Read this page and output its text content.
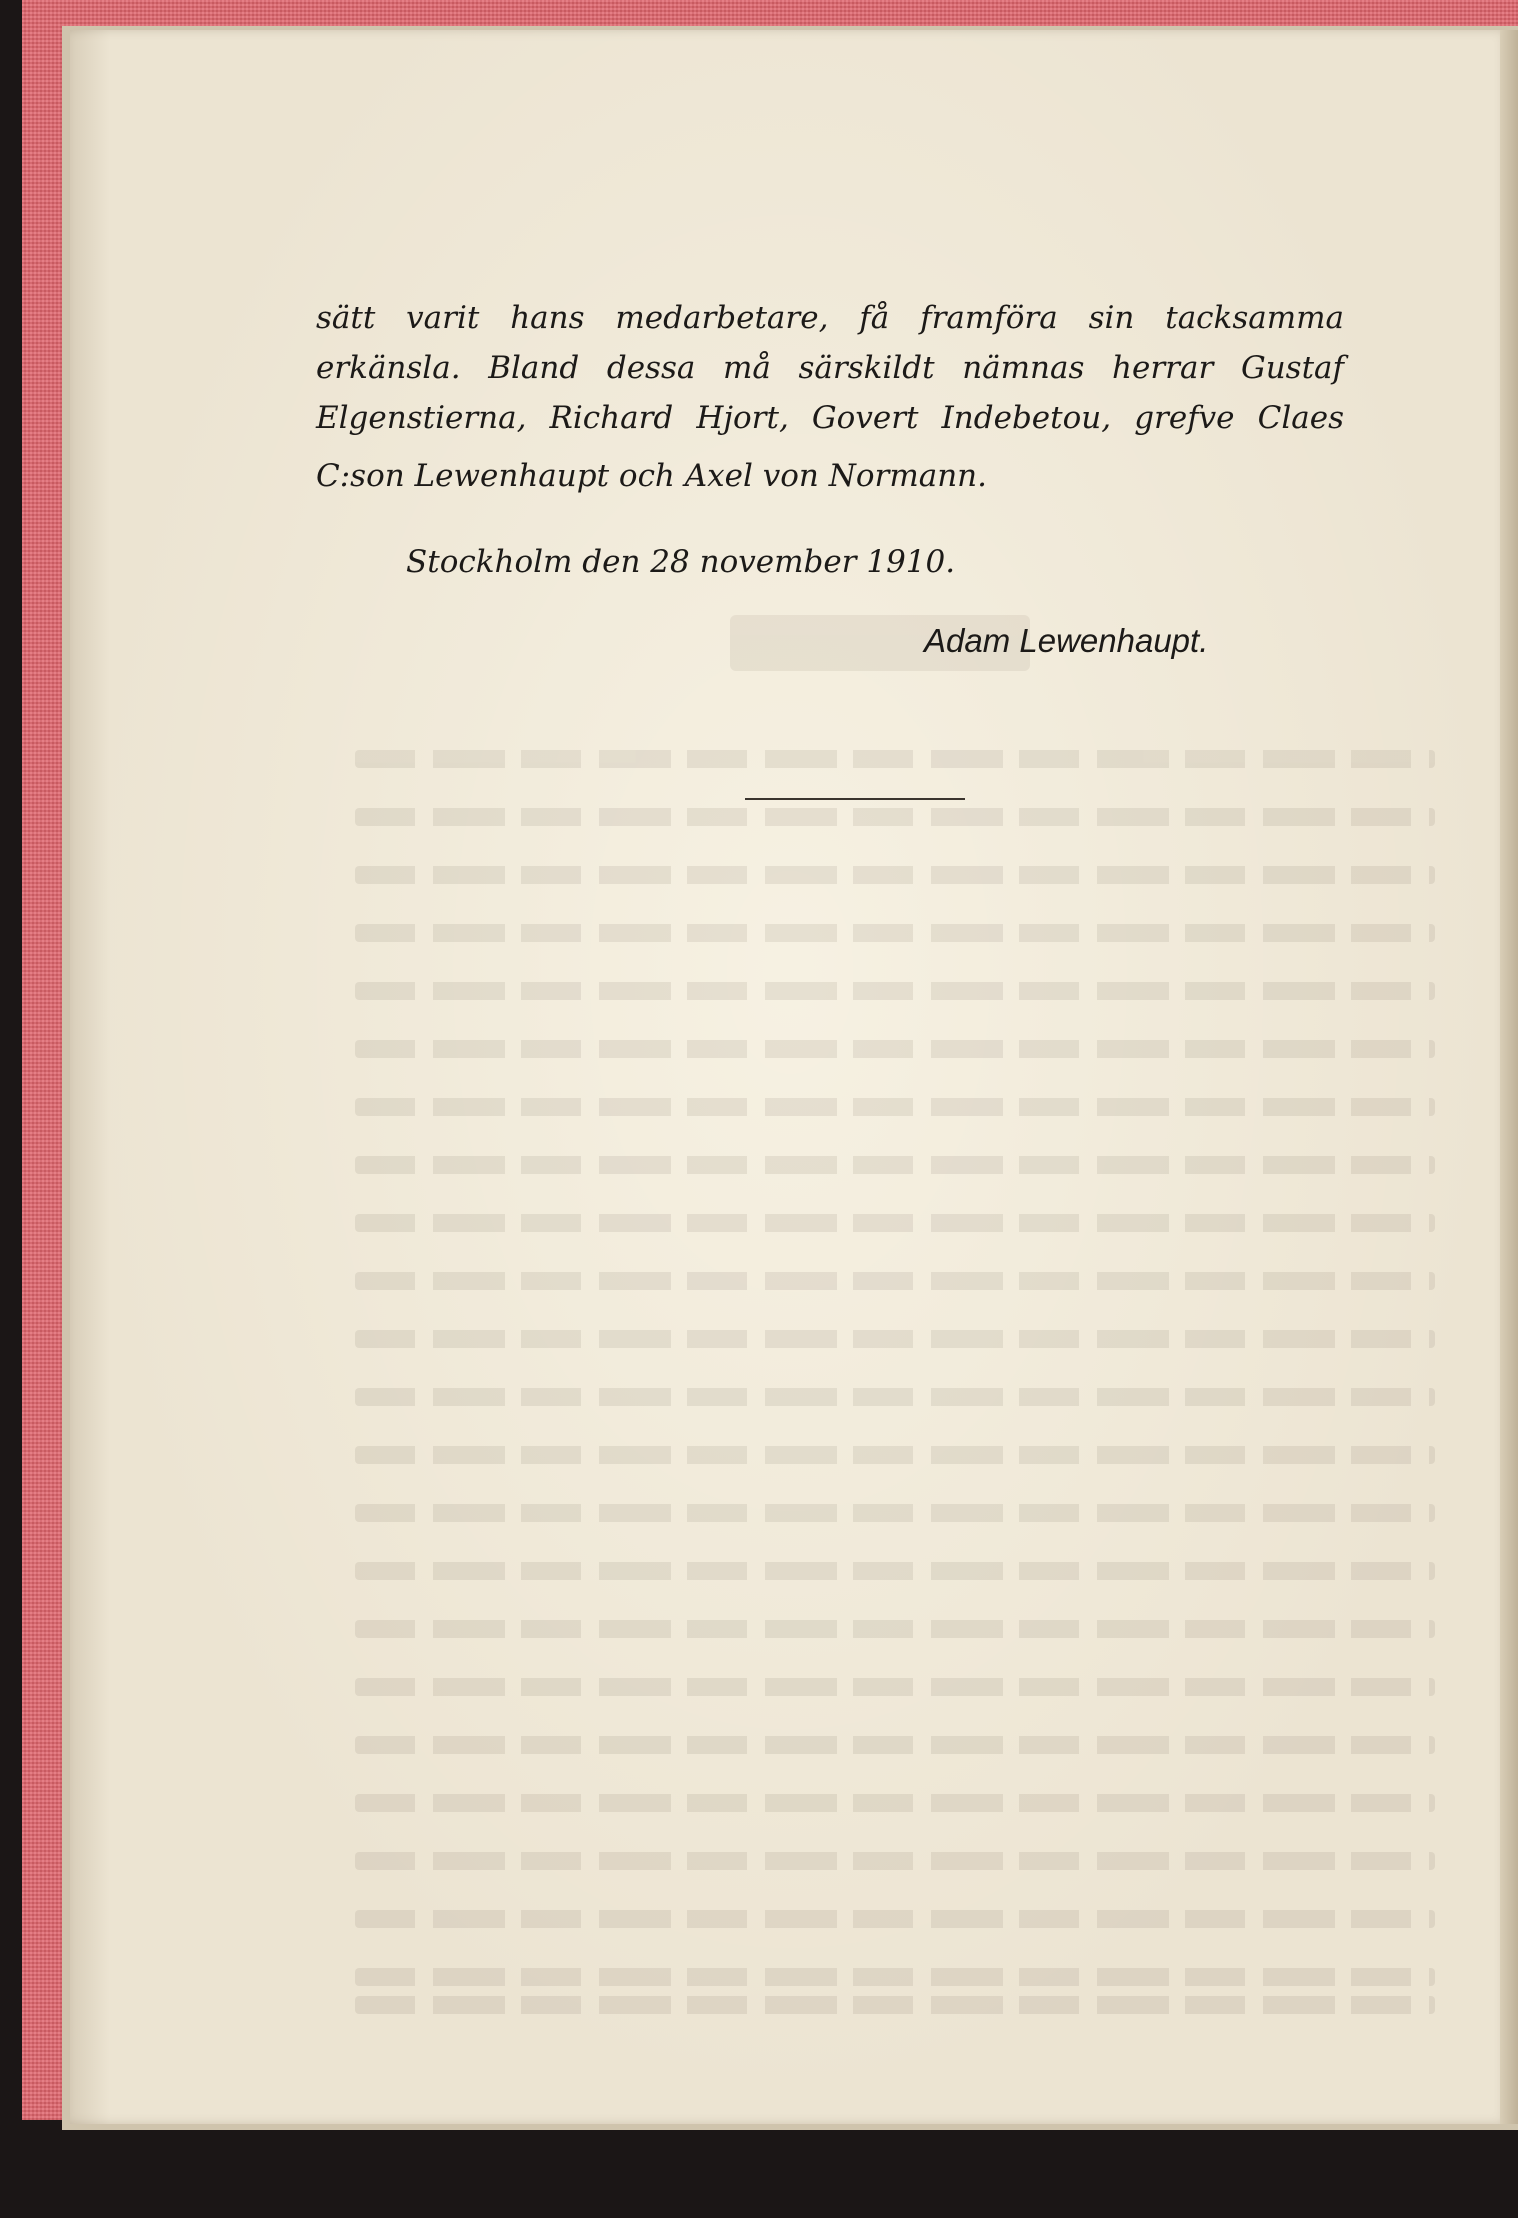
sätt varit hans medarbetare, få framföra sin tacksamma
erkänsla. Bland dessa må särskildt nämnas herrar Gustaf
Elgenstierna, Richard Hjort, Govert Indebetou, grefve Claes
C:son Lewenhaupt och Axel von Normann.
Stockholm den 28 november 1910.
Adam Lewenhaupt.
